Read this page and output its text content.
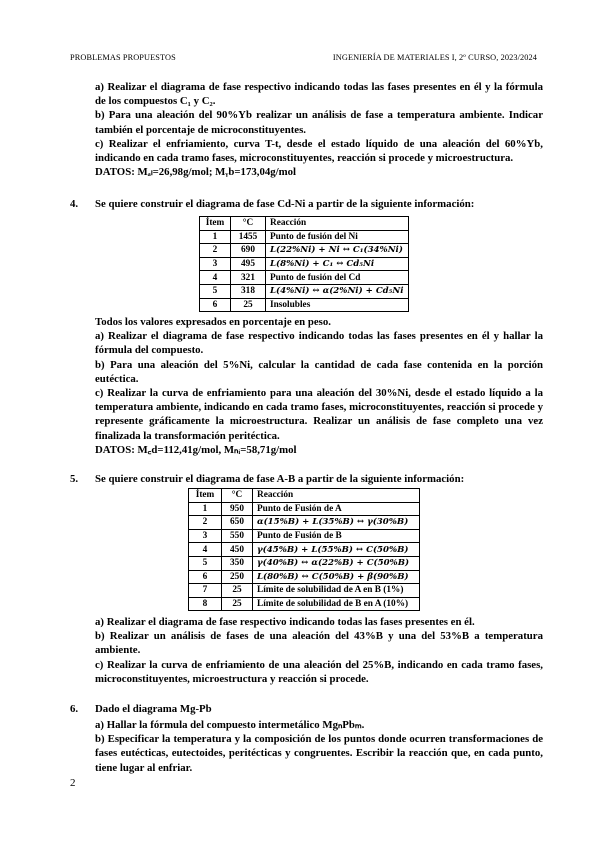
PROBLEMAS PROPUESTOS	INGENIERÍA DE MATERIALES I, 2º CURSO, 2023/2024

a) Realizar el diagrama de fase respectivo indicando todas las fases presentes en él y la fórmula de los compuestos C₁ y C₂.

b) Para una aleación del 90%Yb realizar un análisis de fase a temperatura ambiente. Indicar también el porcentaje de microconstituyentes.

c) Realizar el enfriamiento, curva T-t, desde el estado líquido de una aleación del 60%Yb, indicando en cada tramo fases, microconstituyentes, reacción si procede y microestructura.

DATOS: Mₐₗ=26,98g/mol; Mᵧb=173,04g/mol

4. Se quiere construir el diagrama de fase Cd-Ni a partir de la siguiente información:
Ítem	°C	Reacción
1	1455	Punto de fusión del Ni
2	690	L(22%Ni) + Ni ↔ C₁(34%Ni)
3	495	L(8%Ni) + C₁ ↔ Cd₅Ni
4	321	Punto de fusión del Cd
5	318	L(4%Ni) ↔ α(2%Ni) + Cd₅Ni
6	25	Insolubles

Todos los valores expresados en porcentaje en peso.

a) Realizar el diagrama de fase respectivo indicando todas las fases presentes en él y hallar la fórmula del compuesto.

b) Para una aleación del 5%Ni, calcular la cantidad de cada fase contenida en la porción eutéctica.

c) Realizar la curva de enfriamiento para una aleación del 30%Ni, desde el estado líquido a la temperatura ambiente, indicando en cada tramo fases, microconstituyentes, reacción si procede y represente gráficamente la microestructura. Realizar un análisis de fase completo una vez finalizada la transformación peritéctica.

DATOS: M꜀d=112,41g/mol, Mₙᵢ=58,71g/mol

5. Se quiere construir el diagrama de fase A-B a partir de la siguiente información:
Ítem	°C	Reacción
1	950	Punto de Fusión de A
2	650	α(15%B) + L(35%B) ↔ γ(30%B)
3	550	Punto de Fusión de B
4	450	γ(45%B) + L(55%B) ↔ C(50%B)
5	350	γ(40%B) ↔ α(22%B) + C(50%B)
6	250	L(80%B) ↔ C(50%B) + β(90%B)
7	25	Límite de solubilidad de A en B (1%)
8	25	Límite de solubilidad de B en A (10%)

a) Realizar el diagrama de fase respectivo indicando todas las fases presentes en él.

b) Realizar un análisis de fases de una aleación del 43%B y una del 53%B a temperatura ambiente.

c) Realizar la curva de enfriamiento de una aleación del 25%B, indicando en cada tramo fases, microconstituyentes, microestructura y reacción si procede.

6. Dado el diagrama Mg-Pb

a) Hallar la fórmula del compuesto intermetálico MgₙPbₘ.

b) Especificar la temperatura y la composición de los puntos donde ocurren transformaciones de fases eutécticas, eutectoides, peritécticas y congruentes. Escribir la reacción que, en cada punto, tiene lugar al enfriar.

2
